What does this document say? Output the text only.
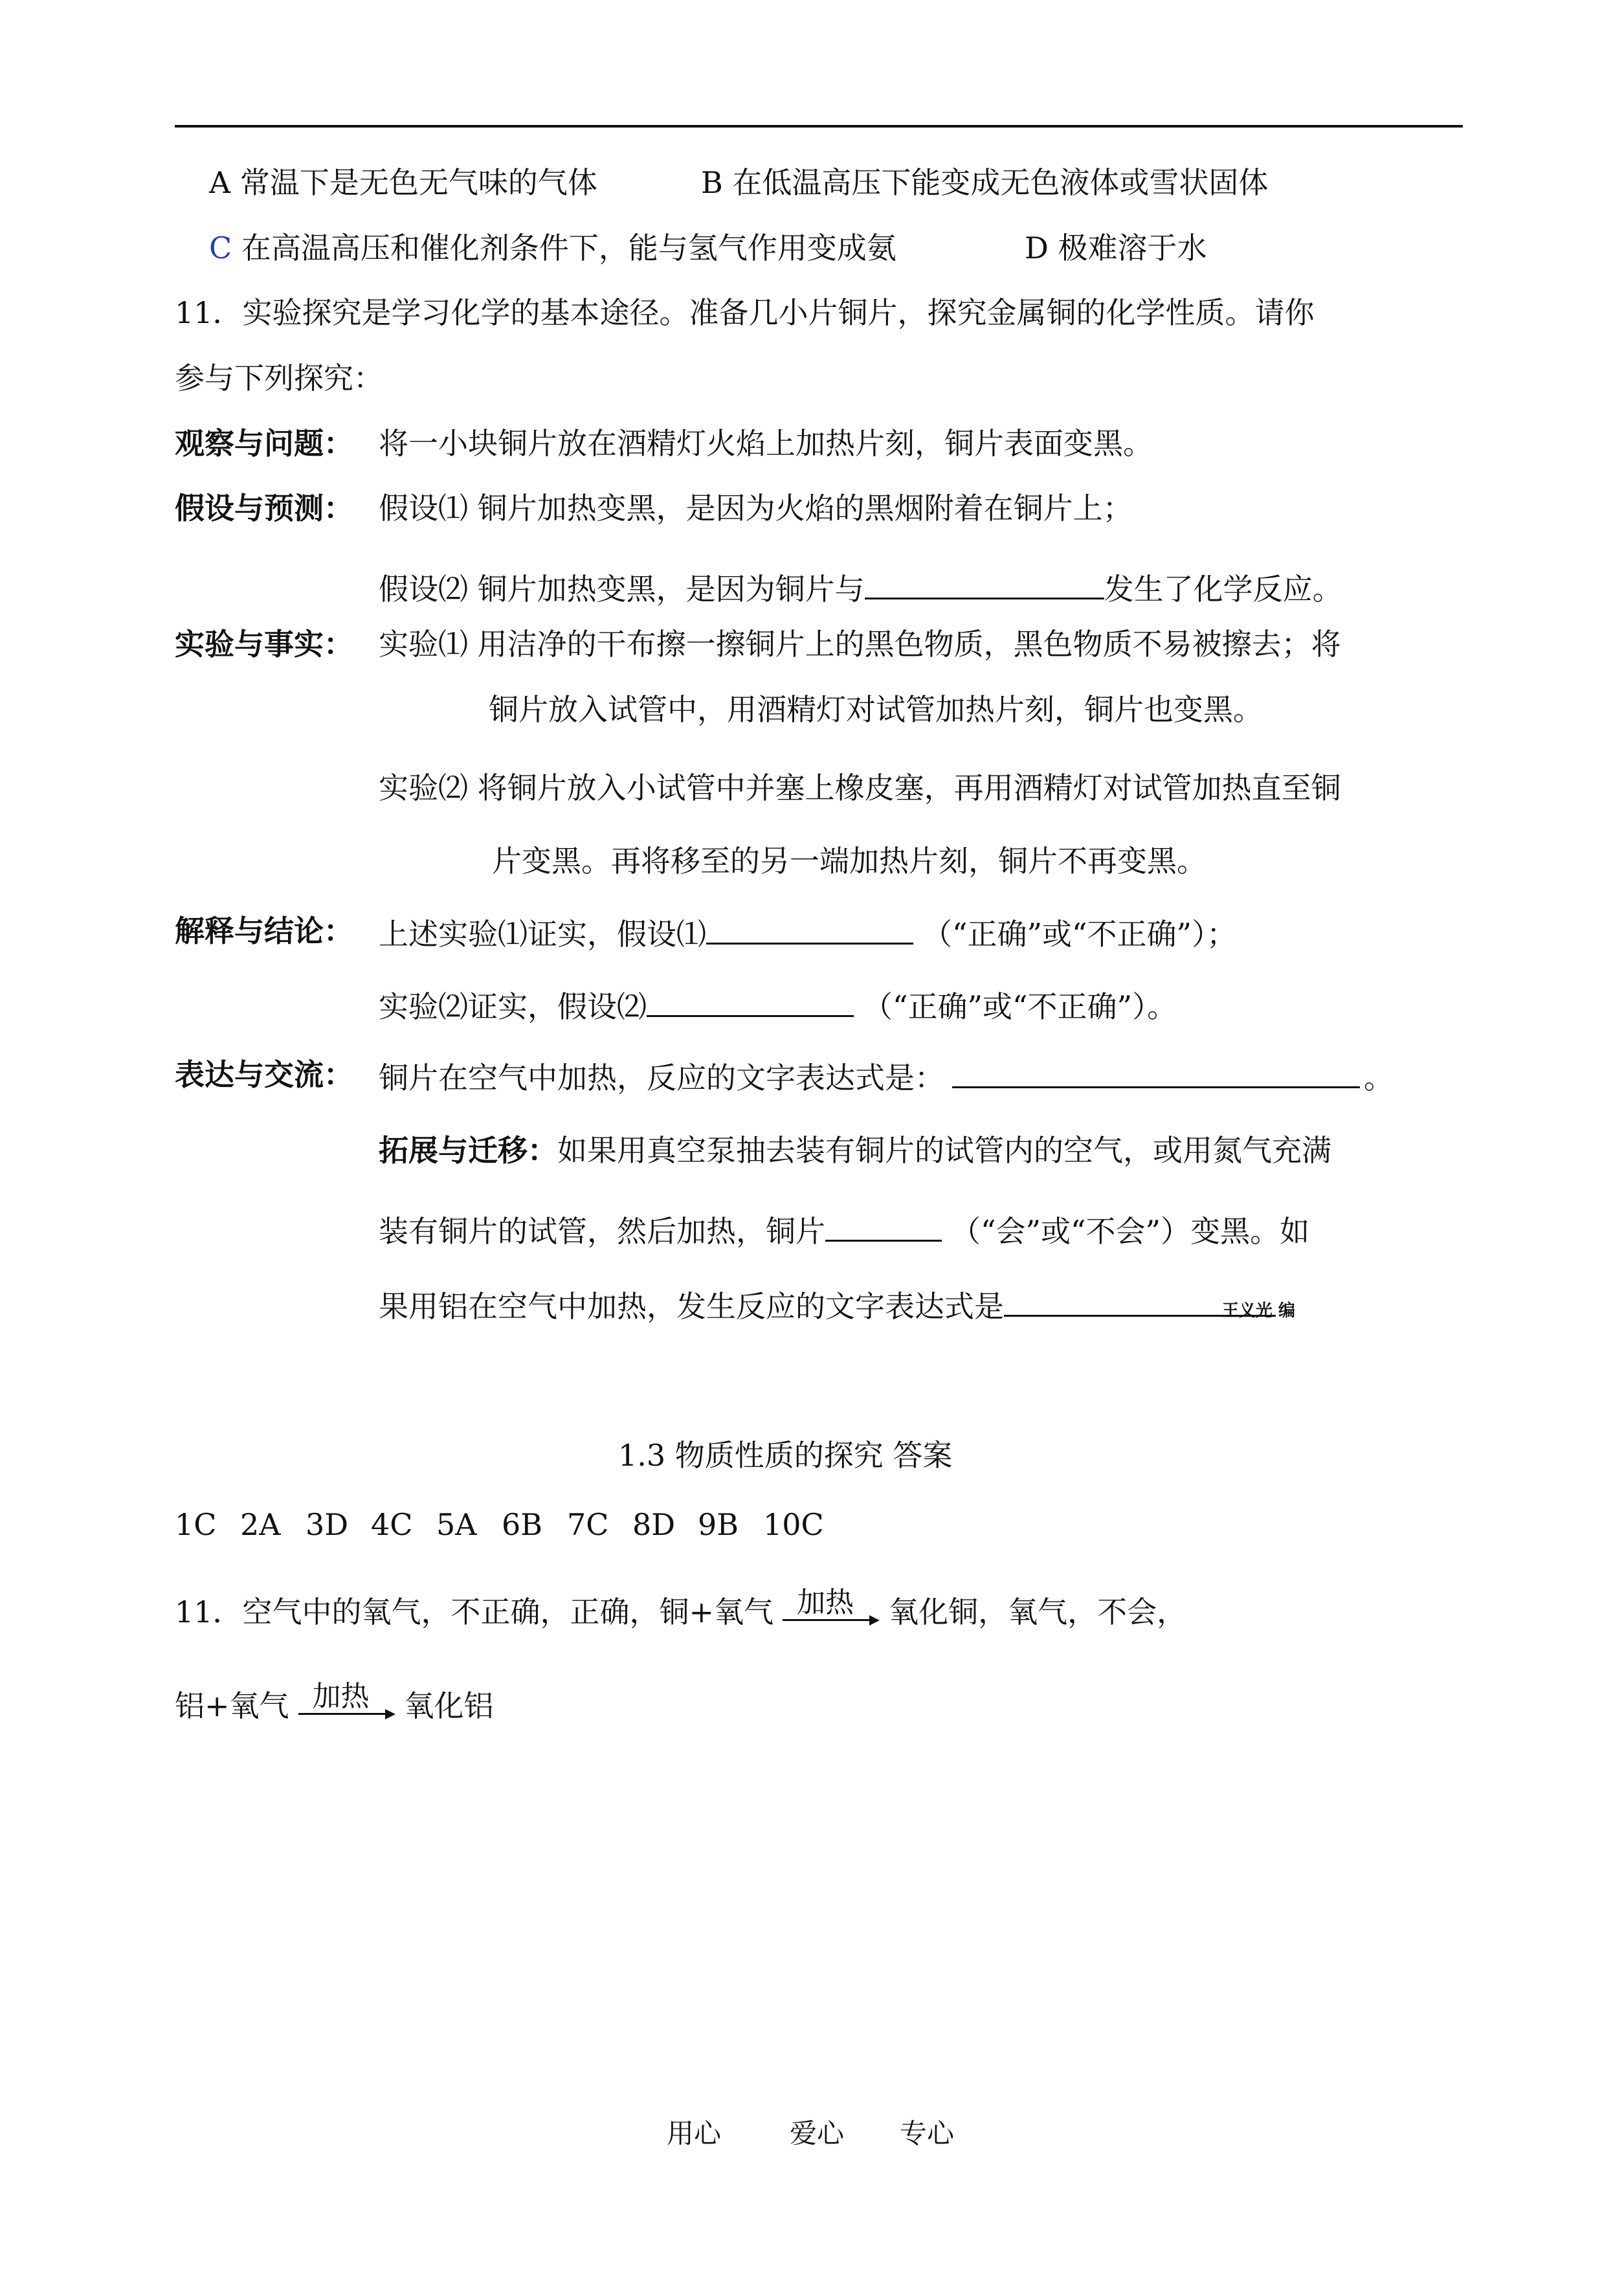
A 常温下是无色无气味的气体	B 在低温高压下能变成无色液体或雪状固体
C 在高温高压和催化剂条件下，能与氢气作用变成氨	D 极难溶于水
11．实验探究是学习化学的基本途径。准备几小片铜片，探究金属铜的化学性质。请你
参与下列探究：
观察与问题： 将一小块铜片放在酒精灯火焰上加热片刻，铜片表面变黑。
假设与预测： 假设⑴ 铜片加热变黑，是因为火焰的黑烟附着在铜片上；
假设⑵ 铜片加热变黑，是因为铜片与	发生了化学反应。
实验与事实： 实验⑴ 用洁净的干布擦一擦铜片上的黑色物质，黑色物质不易被擦去；将
铜片放入试管中，用酒精灯对试管加热片刻，铜片也变黑。
实验⑵ 将铜片放入小试管中并塞上橡皮塞，再用酒精灯对试管加热直至铜
片变黑。再将移至的另一端加热片刻，铜片不再变黑。
解释与结论： 上述实验⑴证实，假设⑴	（“正确”或“不正确”）；
实验⑵证实，假设⑵	（“正确”或“不正确”）。
表达与交流： 铜片在空气中加热，反应的文字表达式是：	。
拓展与迁移：如果用真空泵抽去装有铜片的试管内的空气，或用氮气充满
装有铜片的试管，然后加热，铜片	（“会”或“不会”）变黑。如
果用铝在空气中加热，发生反应的文字表达式是	王义光 编
1.3 物质性质的探究 答案
1C 2A 3D 4C 5A 6B 7C 8D 9B 10C
11．空气中的氧气，不正确，正确，铜+氧气 加热 氧化铜，氧气，不会，
铝+氧气 加热 氧化铝
用心	爱心 专心
